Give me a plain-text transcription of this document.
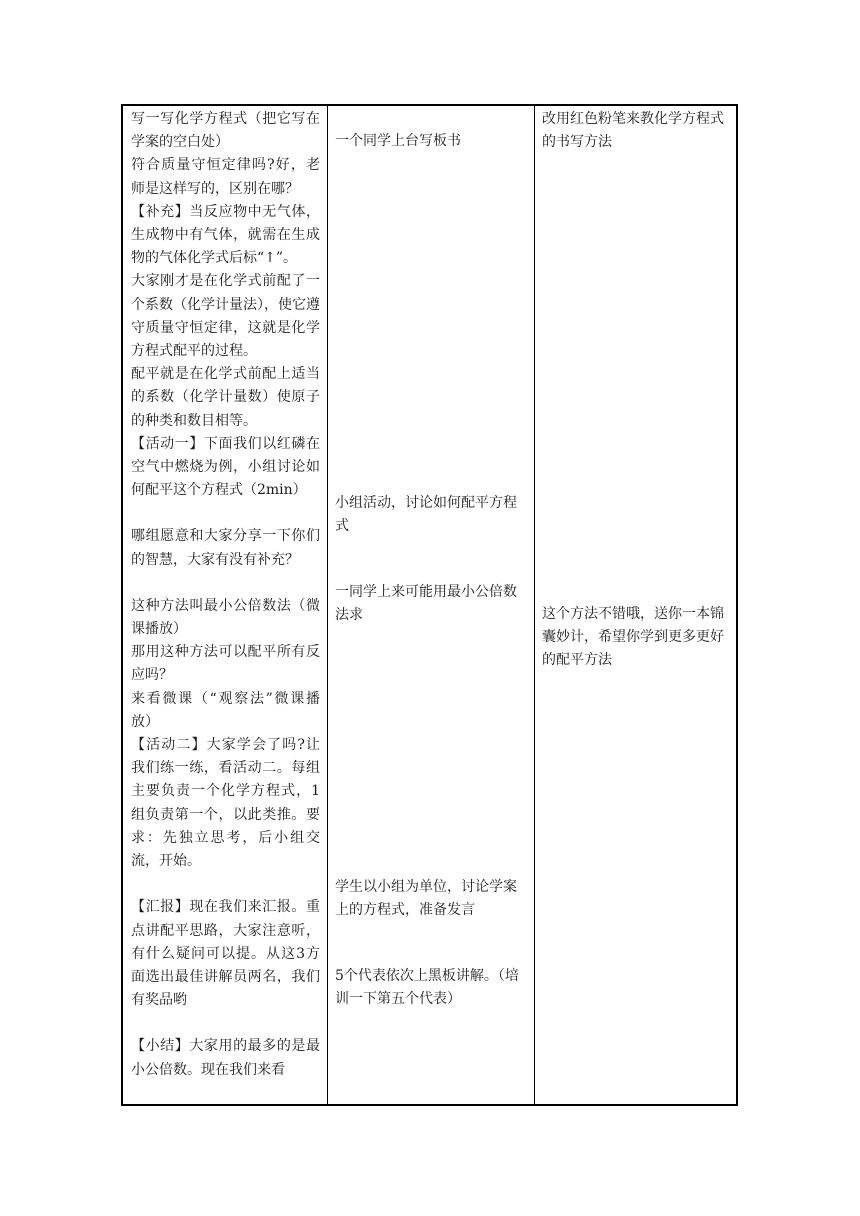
写一写化学方程式（把它写在学案的空白处）

符合质量守恒定律吗?好，老师是这样写的，区别在哪？

【补充】当反应物中无气体，生成物中有气体，就需在生成物的气体化学式后标“↑”。

大家刚才是在化学式前配了一个系数（化学计量法），使它遵守质量守恒定律，这就是化学方程式配平的过程。

配平就是在化学式前配上适当的系数（化学计量数）使原子的种类和数目相等。

【活动一】下面我们以红磷在空气中燃烧为例，小组讨论如何配平这个方程式（2min）

哪组愿意和大家分享一下你们的智慧，大家有没有补充？

这种方法叫最小公倍数法（微课播放）

那用这种方法可以配平所有反应吗？

来看微课（“观察法”微课播放）

【活动二】大家学会了吗?让我们练一练，看活动二。每组主要负责一个化学方程式，1组负责第一个，以此类推。要求：先独立思考，后小组交流，开始。

【汇报】现在我们来汇报。重点讲配平思路，大家注意听，有什么疑问可以提。从这3方面选出最佳讲解员两名，我们有奖品哟

【小结】大家用的最多的是最小公倍数。现在我们来看

一个同学上台写板书

小组活动，讨论如何配平方程式

一同学上来可能用最小公倍数法求

学生以小组为单位，讨论学案上的方程式，准备发言

5个代表依次上黑板讲解。（培训一下第五个代表）

改用红色粉笔来教化学方程式的书写方法

这个方法不错哦，送你一本锦囊妙计，希望你学到更多更好的配平方法
